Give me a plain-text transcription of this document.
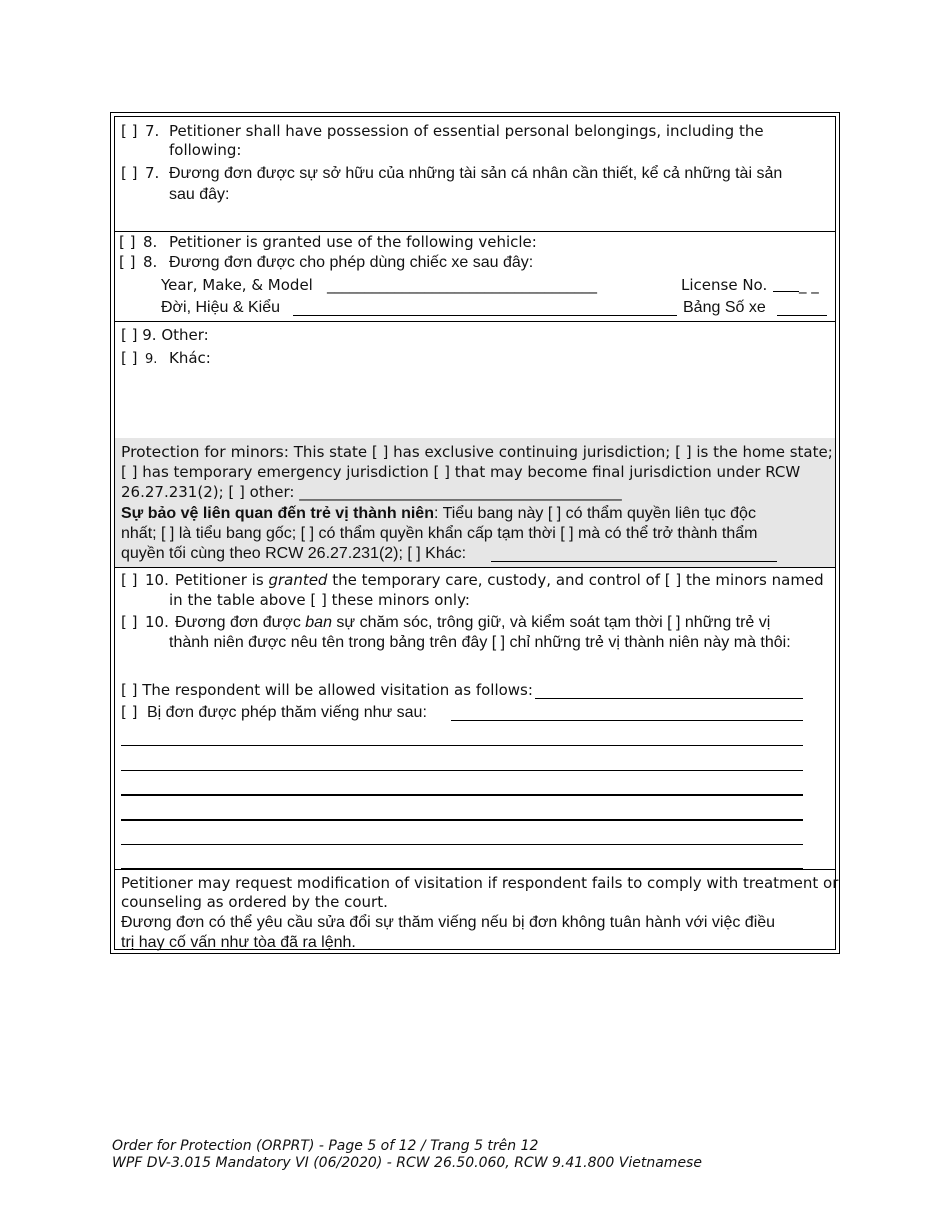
[ ] 7. Petitioner shall have possession of essential personal belongings, including the
following:
[ ] 7. Đương đơn được sự sở hữu của những tài sản cá nhân cần thiết, kể cả những tài sản
sau đây:
[ ] 8. Petitioner is granted use of the following vehicle:
[ ] 8. Đương đơn được cho phép dùng chiếc xe sau đây:
Year, Make, & Model ____________________________________	License No. _ _
Đời, Hiệu & Kiểu	Bảng Số xe
[ ] 9. Other:
[ ] 9. Khác:
Protection for minors: This state [ ] has exclusive continuing jurisdiction; [ ] is the home state;
[ ] has temporary emergency jurisdiction [ ] that may become final jurisdiction under RCW
26.27.231(2); [ ] other: ___________________________________________
Sự bảo vệ liên quan đến trẻ vị thành niên: Tiểu bang này [ ] có thẩm quyền liên tục độc
nhất; [ ] là tiểu bang gốc; [ ] có thẩm quyền khẩn cấp tạm thời [ ] mà có thể trở thành thẩm
quyền tối cùng theo RCW 26.27.231(2); [ ] Khác:
[ ] 10. Petitioner is granted the temporary care, custody, and control of [ ] the minors named
in the table above [ ] these minors only:
[ ] 10. Đương đơn được ban sự chăm sóc, trông giữ, và kiểm soát tạm thời [ ] những trẻ vị
thành niên được nêu tên trong bảng trên đây [ ] chỉ những trẻ vị thành niên này mà thôi:
[ ] The respondent will be allowed visitation as follows:
[ ] Bị đơn được phép thăm viếng như sau:
Petitioner may request modification of visitation if respondent fails to comply with treatment or
counseling as ordered by the court.
Đương đơn có thể yêu cầu sửa đổi sự thăm viếng nếu bị đơn không tuân hành với việc điều
trị hay cố vấn như tòa đã ra lệnh.
Order for Protection (ORPRT) - Page 5 of 12 / Trang 5 trên 12
WPF DV-3.015 Mandatory VI (06/2020) - RCW 26.50.060, RCW 9.41.800 Vietnamese
